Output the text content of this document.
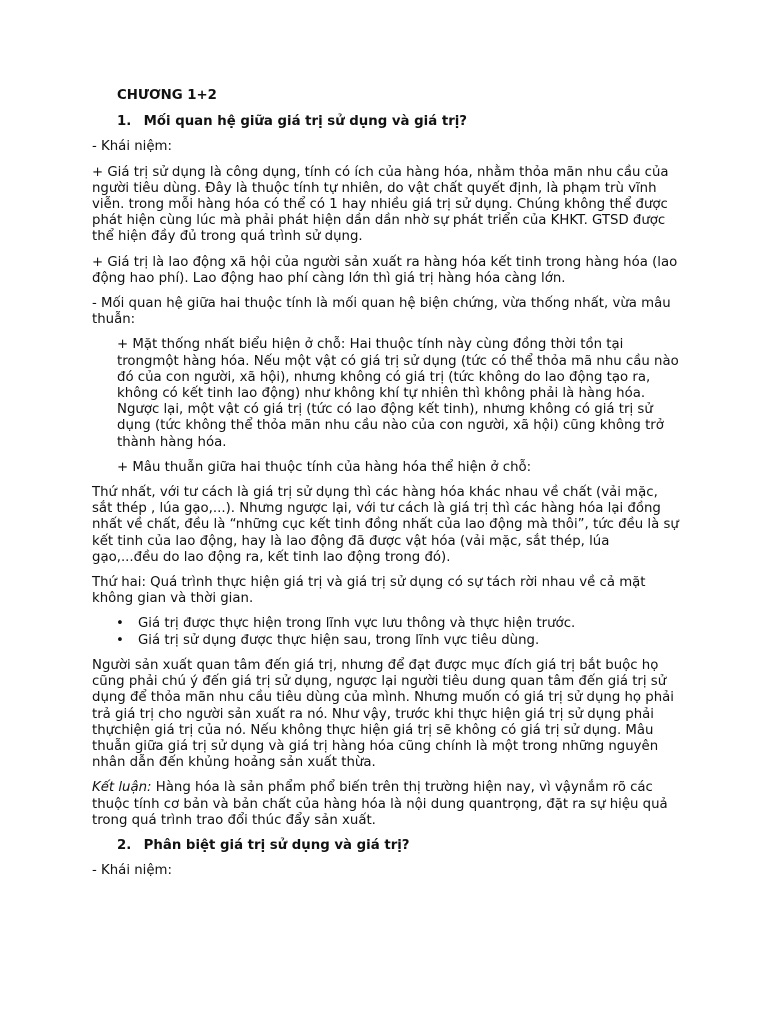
CHƯƠNG 1+2
1. Mối quan hệ giữa giá trị sử dụng và giá trị?

- Khái niệm:

+ Giá trị sử dụng là công dụng, tính có ích của hàng hóa, nhằm thỏa mãn nhu cầu của người tiêu dùng. Đây là thuộc tính tự nhiên, do vật chất quyết định, là phạm trù vĩnh viễn. trong mỗi hàng hóa có thể có 1 hay nhiều giá trị sử dụng. Chúng không thể được phát hiện cùng lúc mà phải phát hiện dần dần nhờ sự phát triển của KHKT. GTSD được thể hiện đầy đủ trong quá trình sử dụng.

+ Giá trị là lao động xã hội của người sản xuất ra hàng hóa kết tinh trong hàng hóa (lao động hao phí). Lao động hao phí càng lớn thì giá trị hàng hóa càng lớn.

- Mối quan hệ giữa hai thuộc tính là mối quan hệ biện chứng, vừa thống nhất, vừa mâu thuẫn:

+ Mặt thống nhất biểu hiện ở chỗ: Hai thuộc tính này cùng đồng thời tồn tại trongmột hàng hóa. Nếu một vật có giá trị sử dụng (tức có thể thỏa mã nhu cầu nào đó của con người, xã hội), nhưng không có giá trị (tức không do lao động tạo ra, không có kết tinh lao động) như không khí tự nhiên thì không phải là hàng hóa. Ngược lại, một vật có giá trị (tức có lao động kết tinh), nhưng không có giá trị sử dụng (tức không thể thỏa mãn nhu cầu nào của con người, xã hội) cũng không trở thành hàng hóa.

+ Mâu thuẫn giữa hai thuộc tính của hàng hóa thể hiện ở chỗ:

Thứ nhất, với tư cách là giá trị sử dụng thì các hàng hóa khác nhau về chất (vải mặc, sắt thép , lúa gạo,...). Nhưng ngược lại, với tư cách là giá trị thì các hàng hóa lại đồng nhất về chất, đều là “những cục kết tinh đồng nhất của lao động mà thôi”, tức đều là sự kết tinh của lao động, hay là lao động đã được vật hóa (vải mặc, sắt thép, lúa gạo,...đều do lao động ra, kết tinh lao động trong đó).

Thứ hai: Quá trình thực hiện giá trị và giá trị sử dụng có sự tách rời nhau về cả mặt không gian và thời gian.

• Giá trị được thực hiện trong lĩnh vực lưu thông và thực hiện trước.
• Giá trị sử dụng được thực hiện sau, trong lĩnh vực tiêu dùng.

Người sản xuất quan tâm đến giá trị, nhưng để đạt được mục đích giá trị bắt buộc họ cũng phải chú ý đến giá trị sử dụng, ngược lại người tiêu dung quan tâm đến giá trị sử dụng để thỏa mãn nhu cầu tiêu dùng của mình. Nhưng muốn có giá trị sử dụng họ phải trả giá trị cho người sản xuất ra nó. Như vậy, trước khi thực hiện giá trị sử dụng phải thựchiện giá trị của nó. Nếu không thực hiện giá trị sẽ không có giá trị sử dụng. Mâu thuẫn giữa giá trị sử dụng và giá trị hàng hóa cũng chính là một trong những nguyên nhân dẫn đến khủng hoảng sản xuất thừa.

Kết luận: Hàng hóa là sản phẩm phổ biến trên thị trường hiện nay, vì vậynắm rõ các thuộc tính cơ bản và bản chất của hàng hóa là nội dung quantrọng, đặt ra sự hiệu quả trong quá trình trao đổi thúc đẩy sản xuất.

2. Phân biệt giá trị sử dụng và giá trị?

- Khái niệm:
